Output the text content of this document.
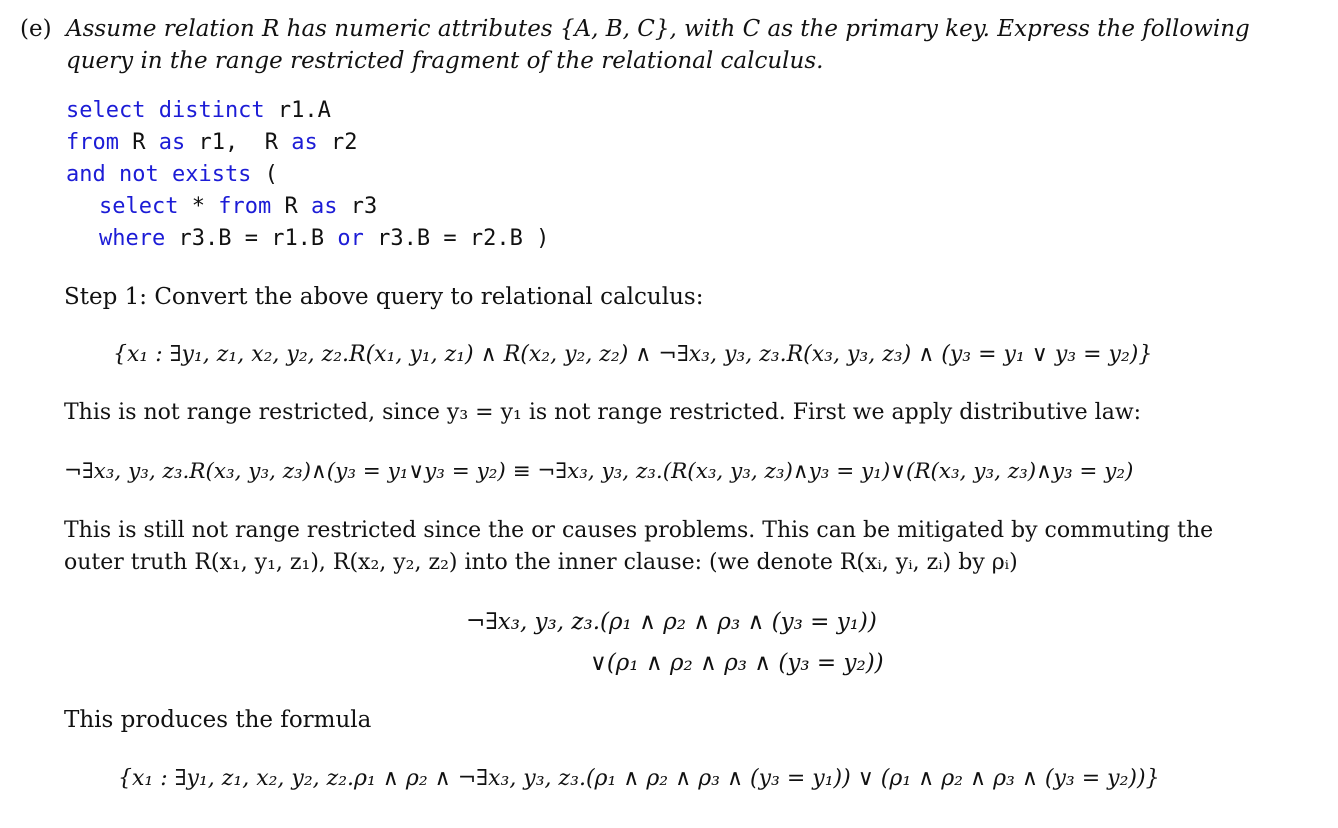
(e) Assume relation R has numeric attributes {A, B, C}, with C as the primary key. Express the following
query in the range restricted fragment of the relational calculus.
select distinct r1.A
from R as r1,  R as r2
and not exists (
select * from R as r3
where r3.B = r1.B or r3.B = r2.B )
Step 1: Convert the above query to relational calculus:
{x₁ : ∃y₁, z₁, x₂, y₂, z₂.R(x₁, y₁, z₁) ∧ R(x₂, y₂, z₂) ∧ ¬∃x₃, y₃, z₃.R(x₃, y₃, z₃) ∧ (y₃ = y₁ ∨ y₃ = y₂)}
This is not range restricted, since y₃ = y₁ is not range restricted. First we apply distributive law:
¬∃x₃, y₃, z₃.R(x₃, y₃, z₃)∧(y₃ = y₁∨y₃ = y₂) ≡ ¬∃x₃, y₃, z₃.(R(x₃, y₃, z₃)∧y₃ = y₁)∨(R(x₃, y₃, z₃)∧y₃ = y₂)
This is still not range restricted since the or causes problems. This can be mitigated by commuting the
outer truth R(x₁, y₁, z₁), R(x₂, y₂, z₂) into the inner clause: (we denote R(xᵢ, yᵢ, zᵢ) by ρᵢ)
¬∃x₃, y₃, z₃.(ρ₁ ∧ ρ₂ ∧ ρ₃ ∧ (y₃ = y₁))
∨(ρ₁ ∧ ρ₂ ∧ ρ₃ ∧ (y₃ = y₂))
This produces the formula
{x₁ : ∃y₁, z₁, x₂, y₂, z₂.ρ₁ ∧ ρ₂ ∧ ¬∃x₃, y₃, z₃.(ρ₁ ∧ ρ₂ ∧ ρ₃ ∧ (y₃ = y₁)) ∨ (ρ₁ ∧ ρ₂ ∧ ρ₃ ∧ (y₃ = y₂))}
